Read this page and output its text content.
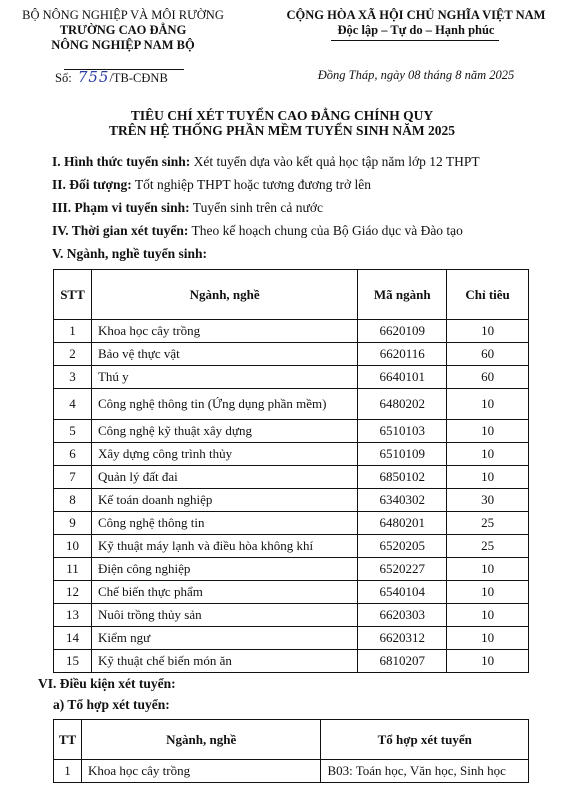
BỘ NÔNG NGHIỆP VÀ MÔI RƯỜNG
TRƯỜNG CAO ĐẲNG
NÔNG NGHIỆP NAM BỘ
Số: 755/TB-CĐNB
CỘNG HÒA XÃ HỘI CHỦ NGHĨA VIỆT NAM
Độc lập – Tự do – Hạnh phúc
Đồng Tháp, ngày 08 tháng 8 năm 2025
TIÊU CHÍ XÉT TUYỂN CAO ĐẲNG CHÍNH QUY
TRÊN HỆ THỐNG PHẦN MỀM TUYỂN SINH NĂM 2025
I. Hình thức tuyển sinh: Xét tuyển dựa vào kết quả học tập năm lớp 12 THPT
II. Đối tượng: Tốt nghiệp THPT hoặc tương đương trở lên
III. Phạm vi tuyển sinh: Tuyển sinh trên cả nước
IV. Thời gian xét tuyển: Theo kế hoạch chung của Bộ Giáo dục và Đào tạo
V. Ngành, nghề tuyển sinh:
STT	Ngành, nghề	Mã ngành	Chỉ tiêu
1	Khoa học cây trồng	6620109	10
2	Bảo vệ thực vật	6620116	60
3	Thú y	6640101	60
4	Công nghệ thông tin (Ứng dụng phần mềm)	6480202	10
5	Công nghệ kỹ thuật xây dựng	6510103	10
6	Xây dựng công trình thủy	6510109	10
7	Quản lý đất đai	6850102	10
8	Kế toán doanh nghiệp	6340302	30
9	Công nghệ thông tin	6480201	25
10	Kỹ thuật máy lạnh và điều hòa không khí	6520205	25
11	Điện công nghiệp	6520227	10
12	Chế biến thực phẩm	6540104	10
13	Nuôi trồng thủy sản	6620303	10
14	Kiểm ngư	6620312	10
15	Kỹ thuật chế biến món ăn	6810207	10
VI. Điều kiện xét tuyển:
a) Tổ hợp xét tuyển:
TT	Ngành, nghề	Tổ hợp xét tuyển
1	Khoa học cây trồng	B03: Toán học, Văn học, Sinh học
